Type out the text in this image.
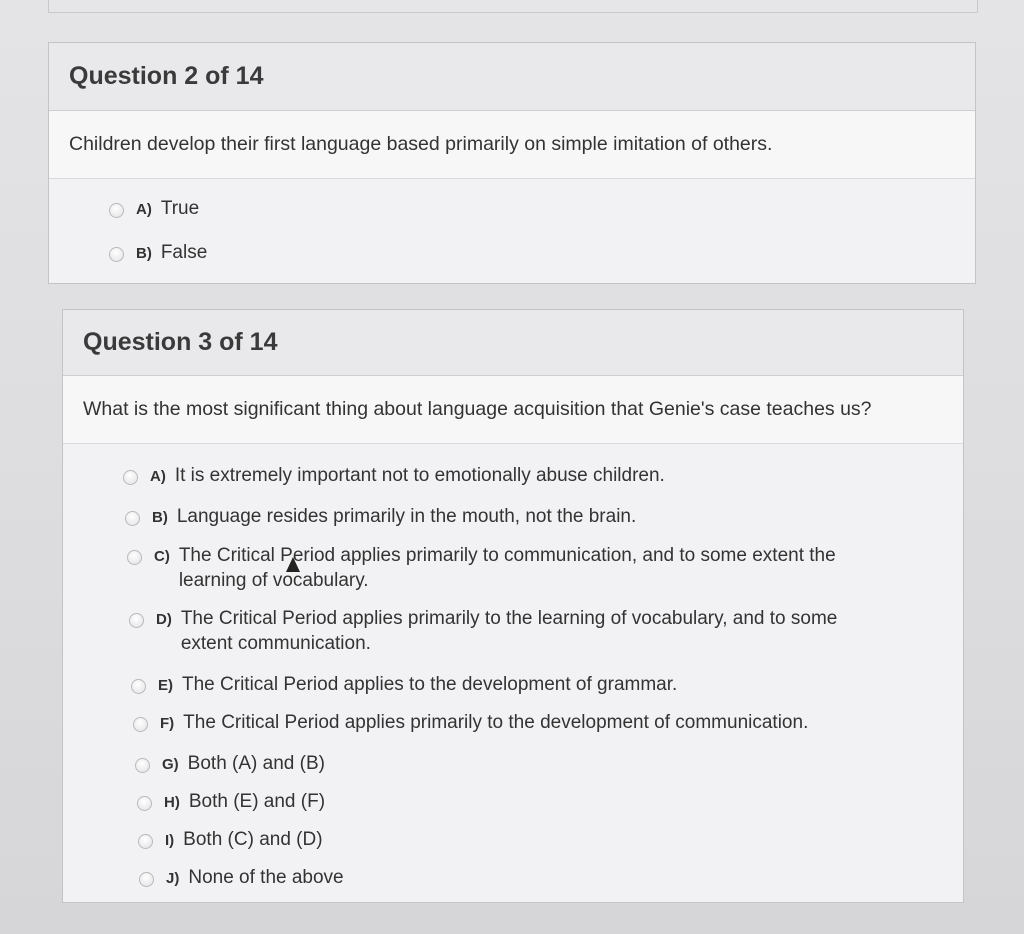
Question 2 of 14
Children develop their first language based primarily on simple imitation of others.
A) True
B) False
Question 3 of 14
What is the most significant thing about language acquisition that Genie's case teaches us?
A) It is extremely important not to emotionally abuse children.
B) Language resides primarily in the mouth, not the brain.
C) The Critical Period applies primarily to communication, and to some extent the
learning of vocabulary.
D) The Critical Period applies primarily to the learning of vocabulary, and to some
extent communication.
E) The Critical Period applies to the development of grammar.
F) The Critical Period applies primarily to the development of communication.
G) Both (A) and (B)
H) Both (E) and (F)
I) Both (C) and (D)
J) None of the above
